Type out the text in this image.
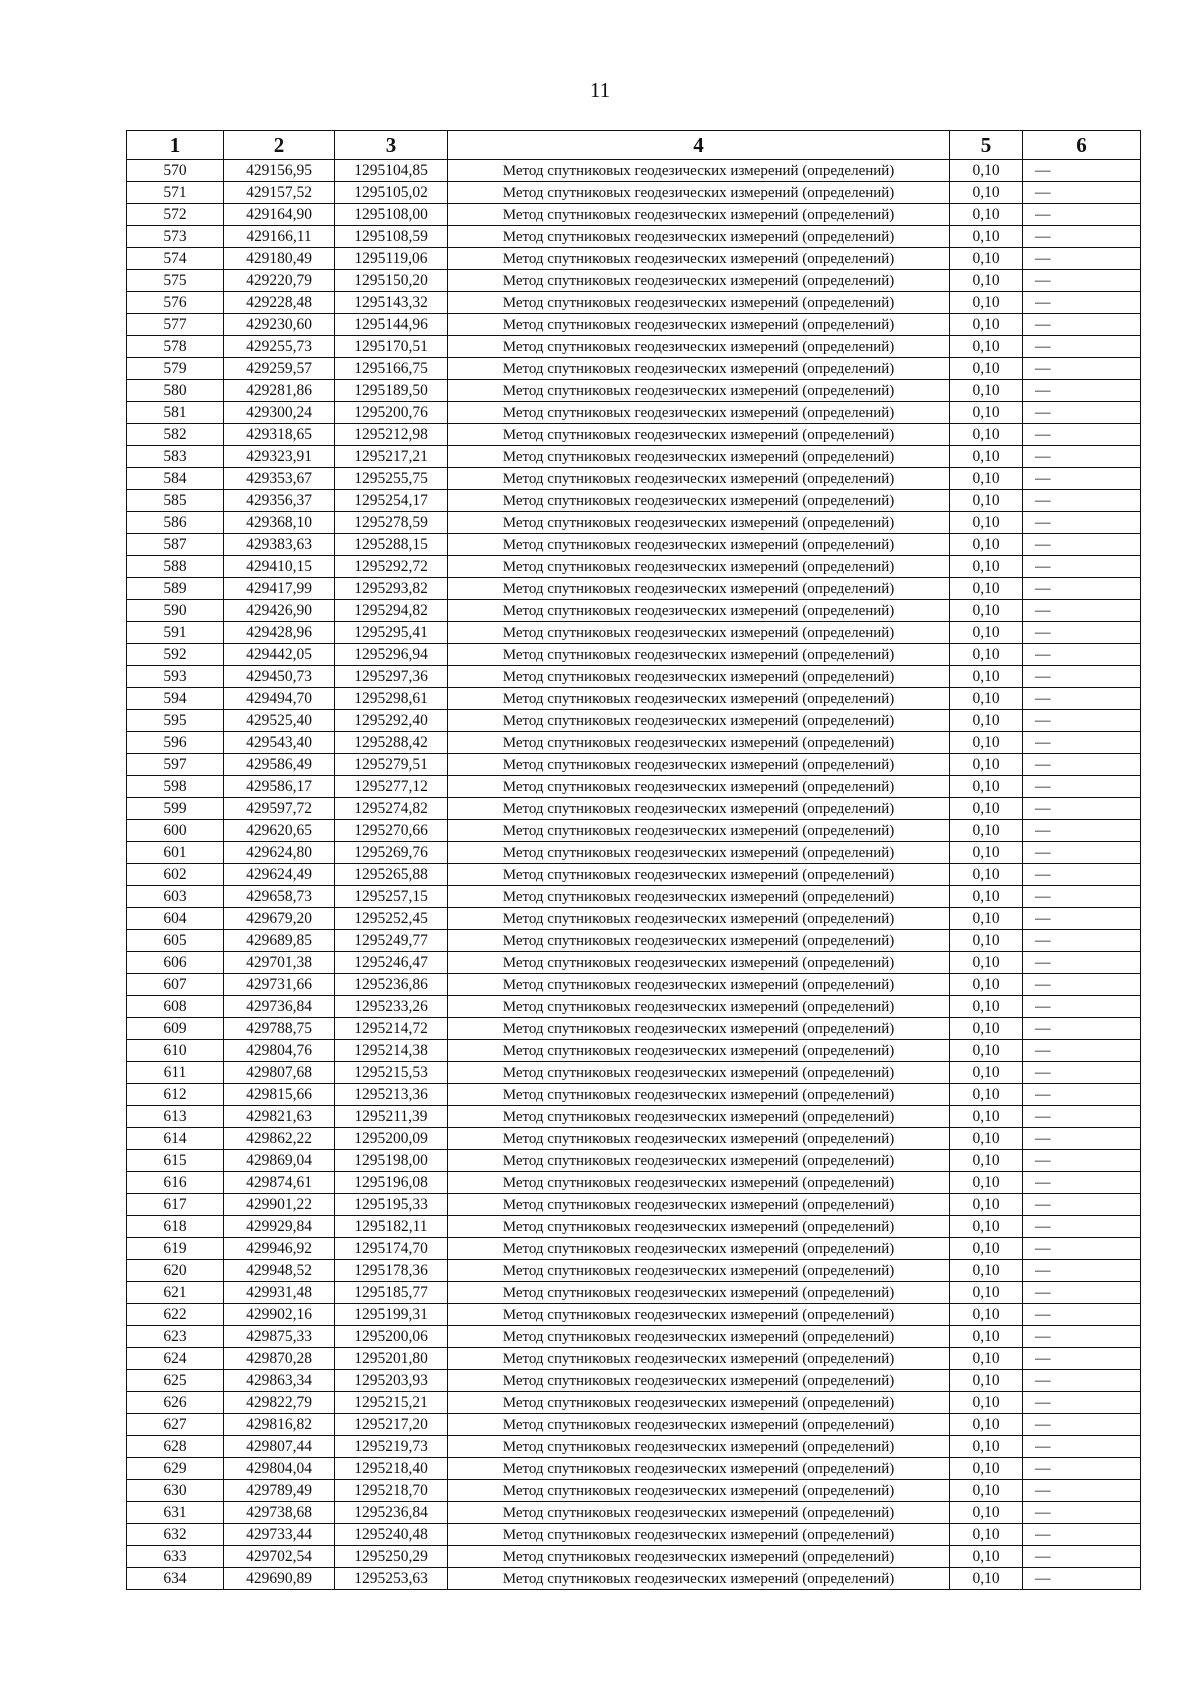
11
1	2	3	4	5	6
570	429156,95	1295104,85	Метод спутниковых геодезических измерений (определений)	0,10	—
571	429157,52	1295105,02	Метод спутниковых геодезических измерений (определений)	0,10	—
572	429164,90	1295108,00	Метод спутниковых геодезических измерений (определений)	0,10	—
573	429166,11	1295108,59	Метод спутниковых геодезических измерений (определений)	0,10	—
574	429180,49	1295119,06	Метод спутниковых геодезических измерений (определений)	0,10	—
575	429220,79	1295150,20	Метод спутниковых геодезических измерений (определений)	0,10	—
576	429228,48	1295143,32	Метод спутниковых геодезических измерений (определений)	0,10	—
577	429230,60	1295144,96	Метод спутниковых геодезических измерений (определений)	0,10	—
578	429255,73	1295170,51	Метод спутниковых геодезических измерений (определений)	0,10	—
579	429259,57	1295166,75	Метод спутниковых геодезических измерений (определений)	0,10	—
580	429281,86	1295189,50	Метод спутниковых геодезических измерений (определений)	0,10	—
581	429300,24	1295200,76	Метод спутниковых геодезических измерений (определений)	0,10	—
582	429318,65	1295212,98	Метод спутниковых геодезических измерений (определений)	0,10	—
583	429323,91	1295217,21	Метод спутниковых геодезических измерений (определений)	0,10	—
584	429353,67	1295255,75	Метод спутниковых геодезических измерений (определений)	0,10	—
585	429356,37	1295254,17	Метод спутниковых геодезических измерений (определений)	0,10	—
586	429368,10	1295278,59	Метод спутниковых геодезических измерений (определений)	0,10	—
587	429383,63	1295288,15	Метод спутниковых геодезических измерений (определений)	0,10	—
588	429410,15	1295292,72	Метод спутниковых геодезических измерений (определений)	0,10	—
589	429417,99	1295293,82	Метод спутниковых геодезических измерений (определений)	0,10	—
590	429426,90	1295294,82	Метод спутниковых геодезических измерений (определений)	0,10	—
591	429428,96	1295295,41	Метод спутниковых геодезических измерений (определений)	0,10	—
592	429442,05	1295296,94	Метод спутниковых геодезических измерений (определений)	0,10	—
593	429450,73	1295297,36	Метод спутниковых геодезических измерений (определений)	0,10	—
594	429494,70	1295298,61	Метод спутниковых геодезических измерений (определений)	0,10	—
595	429525,40	1295292,40	Метод спутниковых геодезических измерений (определений)	0,10	—
596	429543,40	1295288,42	Метод спутниковых геодезических измерений (определений)	0,10	—
597	429586,49	1295279,51	Метод спутниковых геодезических измерений (определений)	0,10	—
598	429586,17	1295277,12	Метод спутниковых геодезических измерений (определений)	0,10	—
599	429597,72	1295274,82	Метод спутниковых геодезических измерений (определений)	0,10	—
600	429620,65	1295270,66	Метод спутниковых геодезических измерений (определений)	0,10	—
601	429624,80	1295269,76	Метод спутниковых геодезических измерений (определений)	0,10	—
602	429624,49	1295265,88	Метод спутниковых геодезических измерений (определений)	0,10	—
603	429658,73	1295257,15	Метод спутниковых геодезических измерений (определений)	0,10	—
604	429679,20	1295252,45	Метод спутниковых геодезических измерений (определений)	0,10	—
605	429689,85	1295249,77	Метод спутниковых геодезических измерений (определений)	0,10	—
606	429701,38	1295246,47	Метод спутниковых геодезических измерений (определений)	0,10	—
607	429731,66	1295236,86	Метод спутниковых геодезических измерений (определений)	0,10	—
608	429736,84	1295233,26	Метод спутниковых геодезических измерений (определений)	0,10	—
609	429788,75	1295214,72	Метод спутниковых геодезических измерений (определений)	0,10	—
610	429804,76	1295214,38	Метод спутниковых геодезических измерений (определений)	0,10	—
611	429807,68	1295215,53	Метод спутниковых геодезических измерений (определений)	0,10	—
612	429815,66	1295213,36	Метод спутниковых геодезических измерений (определений)	0,10	—
613	429821,63	1295211,39	Метод спутниковых геодезических измерений (определений)	0,10	—
614	429862,22	1295200,09	Метод спутниковых геодезических измерений (определений)	0,10	—
615	429869,04	1295198,00	Метод спутниковых геодезических измерений (определений)	0,10	—
616	429874,61	1295196,08	Метод спутниковых геодезических измерений (определений)	0,10	—
617	429901,22	1295195,33	Метод спутниковых геодезических измерений (определений)	0,10	—
618	429929,84	1295182,11	Метод спутниковых геодезических измерений (определений)	0,10	—
619	429946,92	1295174,70	Метод спутниковых геодезических измерений (определений)	0,10	—
620	429948,52	1295178,36	Метод спутниковых геодезических измерений (определений)	0,10	—
621	429931,48	1295185,77	Метод спутниковых геодезических измерений (определений)	0,10	—
622	429902,16	1295199,31	Метод спутниковых геодезических измерений (определений)	0,10	—
623	429875,33	1295200,06	Метод спутниковых геодезических измерений (определений)	0,10	—
624	429870,28	1295201,80	Метод спутниковых геодезических измерений (определений)	0,10	—
625	429863,34	1295203,93	Метод спутниковых геодезических измерений (определений)	0,10	—
626	429822,79	1295215,21	Метод спутниковых геодезических измерений (определений)	0,10	—
627	429816,82	1295217,20	Метод спутниковых геодезических измерений (определений)	0,10	—
628	429807,44	1295219,73	Метод спутниковых геодезических измерений (определений)	0,10	—
629	429804,04	1295218,40	Метод спутниковых геодезических измерений (определений)	0,10	—
630	429789,49	1295218,70	Метод спутниковых геодезических измерений (определений)	0,10	—
631	429738,68	1295236,84	Метод спутниковых геодезических измерений (определений)	0,10	—
632	429733,44	1295240,48	Метод спутниковых геодезических измерений (определений)	0,10	—
633	429702,54	1295250,29	Метод спутниковых геодезических измерений (определений)	0,10	—
634	429690,89	1295253,63	Метод спутниковых геодезических измерений (определений)	0,10	—
